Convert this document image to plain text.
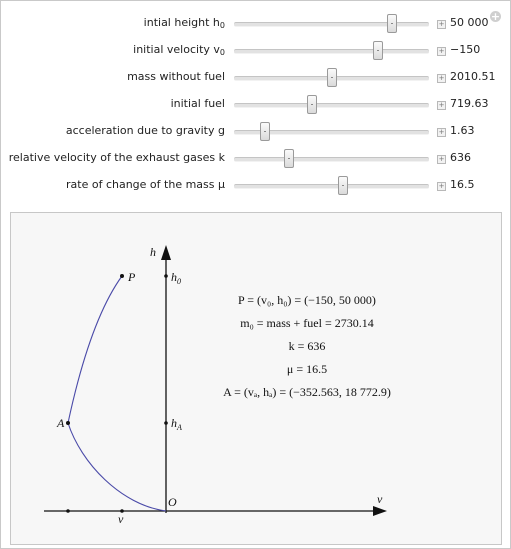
+
intial height $h_0$	+ 50 000
initial velocity $v_0$	+ −150
mass without fuel	+ 2010.51
initial fuel	+ 719.63
acceleration due to gravity g	+ 1.63
relative velocity of the exhaust gases k	+ 636
rate of change of the mass μ	+ 16.5
h
v
O
$h_0$
$h_A$
P
A
v
P = (v₀, h₀) = (−150, 50 000)
m₀ = mass + fuel = 2730.14
k = 636
μ = 16.5
A = (vₐ, hₐ) = (−352.563, 18 772.9)
